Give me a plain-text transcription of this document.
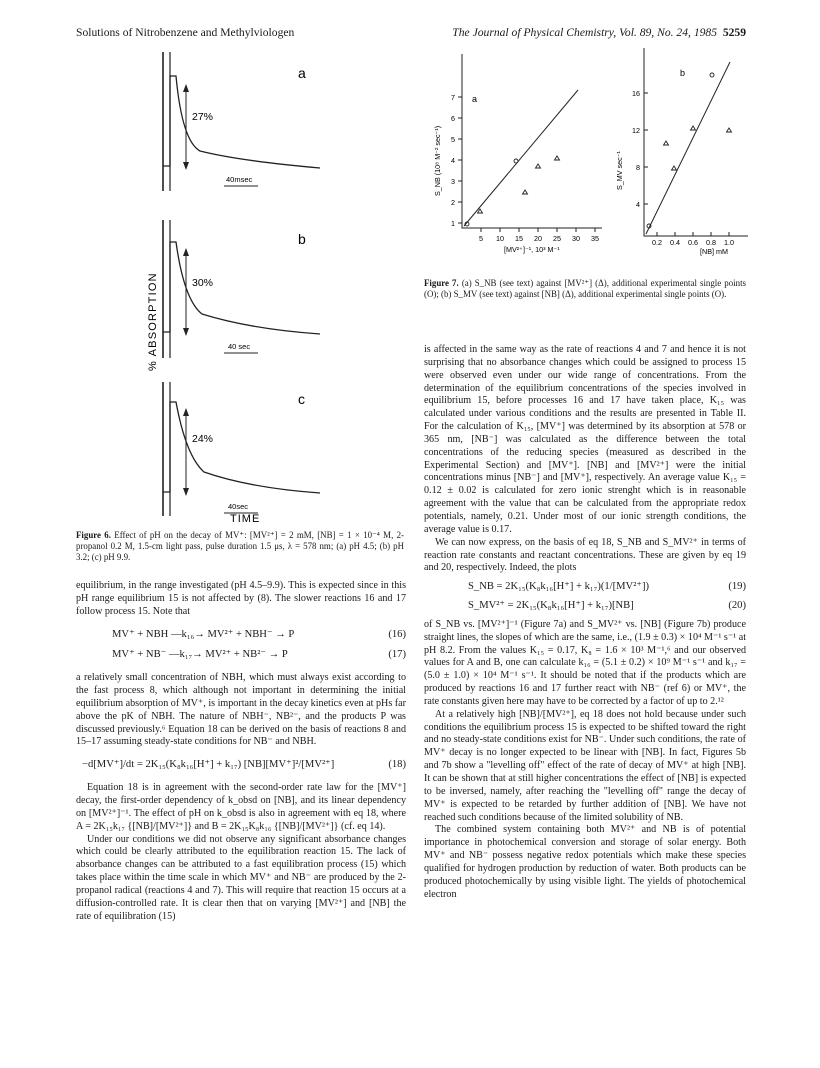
Solutions of Nitrobenzene and Methylviologen	The Journal of Physical Chemistry, Vol. 89, No. 24, 1985 5259
27%
a
40msec
30%
b
40 sec
24%
c
40sec
% ABSORPTION
TIME
Figure 6. Effect of pH on the decay of MV⁺: [MV²⁺] = 2 mM, [NB] = 1 × 10⁻⁴ M, 2-propanol 0.2 M, 1.5-cm light pass, pulse duration 1.5 μs, λ = 578 nm; (a) pH 4.5; (b) pH 3.2; (c) pH 9.9.
1
2
3
4
5
6
7
5 10 15 20 25 30 35
a
[MV²⁺]⁻¹, 10³ M⁻¹
S_NB (10⁸ M⁻² sec⁻¹)
4
8
12
16
0.2 0.4 0.6 0.8 1.0
b
[NB] mM
S_MV sec⁻¹
Figure 7. (a) S_NB (see text) against [MV²⁺] (Δ), additional experimental single points (O); (b) S_MV (see text) against [NB] (Δ), additional experimental single points (O).

equilibrium, in the range investigated (pH 4.5–9.9). This is expected since in this pH range equilibrium 15 is not affected by (8). The slower reactions 16 and 17 follow process 15. Note that

MV⁺ + NBH —k₁₆→ MV²⁺ + NBH⁻ → P	(16)
MV⁺ + NB⁻ —k₁₇→ MV²⁺ + NB²⁻ → P	(17)

a relatively small concentration of NBH, which must always exist according to the fast process 8, which although not important in determining the initial equilibrium absorption of MV⁺, is important in the decay kinetics even at pHs far above the pK of NBH. The nature of NBH⁻, NB²⁻, and the products P was discussed previously.⁶ Equation 18 can be derived on the basis of reactions 8 and 15–17 assuming steady-state conditions for NB⁻ and NBH.

−d[MV⁺]/dt = 2K₁₅(K₈k₁₆[H⁺] + k₁₇) [NB][MV⁺]²/[MV²⁺]	(18)

Equation 18 is in agreement with the second-order rate law for the [MV⁺] decay, the first-order dependency of k_obsd on [NB], and its linear dependency on [MV²⁺]⁻¹. The effect of pH on k_obsd is also in agreement with eq 18, where A = 2K₁₅k₁₇ {[NB]/[MV²⁺]} and B = 2K₁₅K₈k₁₆ {[NB]/[MV²⁺]} (cf. eq 14).

Under our conditions we did not observe any significant absorbance changes which could be clearly attributed to the equilibration reaction 15. The lack of absorbance changes can be attributed to a fast equilibration process (15) which takes place within the time scale in which MV⁺ and NB⁻ are produced by the 2-propanol radical (reactions 4 and 7). This will require that reaction 15 occurs at a diffusion-controlled rate. It is clear then that on varying [MV²⁺] and [NB] the rate of equilibration (15)

is affected in the same way as the rate of reactions 4 and 7 and hence it is not surprising that no absorbance changes which could be assigned to process 15 were observed even under our wide range of concentrations. From the determination of the equilibrium concentrations of the species involved in equilibrium 15, before processes 16 and 17 have taken place, K₁₅ was calculated under various conditions and the results are presented in Table II. For the calculation of K₁₅, [MV⁺] was determined by its absorption at 578 or 365 nm, [NB⁻] was calculated as the difference between the total concentrations of the reducing species (measured as described in the Experimental Section) and [MV⁺]. [NB] and [MV²⁺] were the initial concentrations minus [NB⁻] and [MV⁺], respectively. An average value K₁₅ = 0.12 ± 0.02 is calculated for zero ionic strenght which is in reasonable agreement with the value that can be calculated from the appropriate redox potentials, namely, 0.21. Under most of our ionic strength conditions, the average value is 0.17.

We can now express, on the basis of eq 18, S_NB and S_MV²⁺ in terms of reaction rate constants and reactant concentrations. These are given by eq 19 and 20, respectively. Indeed, the plots

S_NB = 2K₁₅(K₈k₁₆[H⁺] + k₁₇)(1/[MV²⁺])	(19)
S_MV²⁺ = 2K₁₅(K₈k₁₆[H⁺] + k₁₇)[NB]	(20)

of S_NB vs. [MV²⁺]⁻¹ (Figure 7a) and S_MV²⁺ vs. [NB] (Figure 7b) produce straight lines, the slopes of which are the same, i.e., (1.9 ± 0.3) × 10⁴ M⁻¹ s⁻¹ at pH 8.2. From the values K₁₅ = 0.17, K₈ = 1.6 × 10³ M⁻¹,⁶ and our observed values for A and B, one can calculate k₁₆ = (5.1 ± 0.2) × 10⁹ M⁻¹ s⁻¹ and k₁₇ = (5.0 ± 1.0) × 10⁴ M⁻¹ s⁻¹. It should be noted that if the products which are produced by reactions 16 and 17 further react with NB⁻ (ref 6) or MV⁺, the rate constants given here may have to be corrected by a factor of up to 2.¹²

At a relatively high [NB]/[MV²⁺], eq 18 does not hold because under such conditions the equilibrium process 15 is expected to be shifted toward the right and no steady-state conditions exist for NB⁻. Under such conditions, the rate of MV⁺ decay is no longer expected to be linear with [NB]. In fact, Figures 5b and 7b show a "levelling off" effect of the rate of decay of MV⁺ at high [NB]. It can be shown that at still higher concentrations the effect of [NB] is expected to be inversed, namely, after reaching the "levelling off" range the decay of MV⁺ is expected to be retarded by further addition of [NB]. We have not reached such conditions because of the limited solubility of NB.

The combined system containing both MV²⁺ and NB is of potential importance in photochemical conversion and storage of solar energy. Both MV⁺ and NB⁻ possess negative redox potentials which make these species qualified for hydrogen production by reduction of water. Both products can be produced photochemically by using visible light. The yields of photochemical electron
